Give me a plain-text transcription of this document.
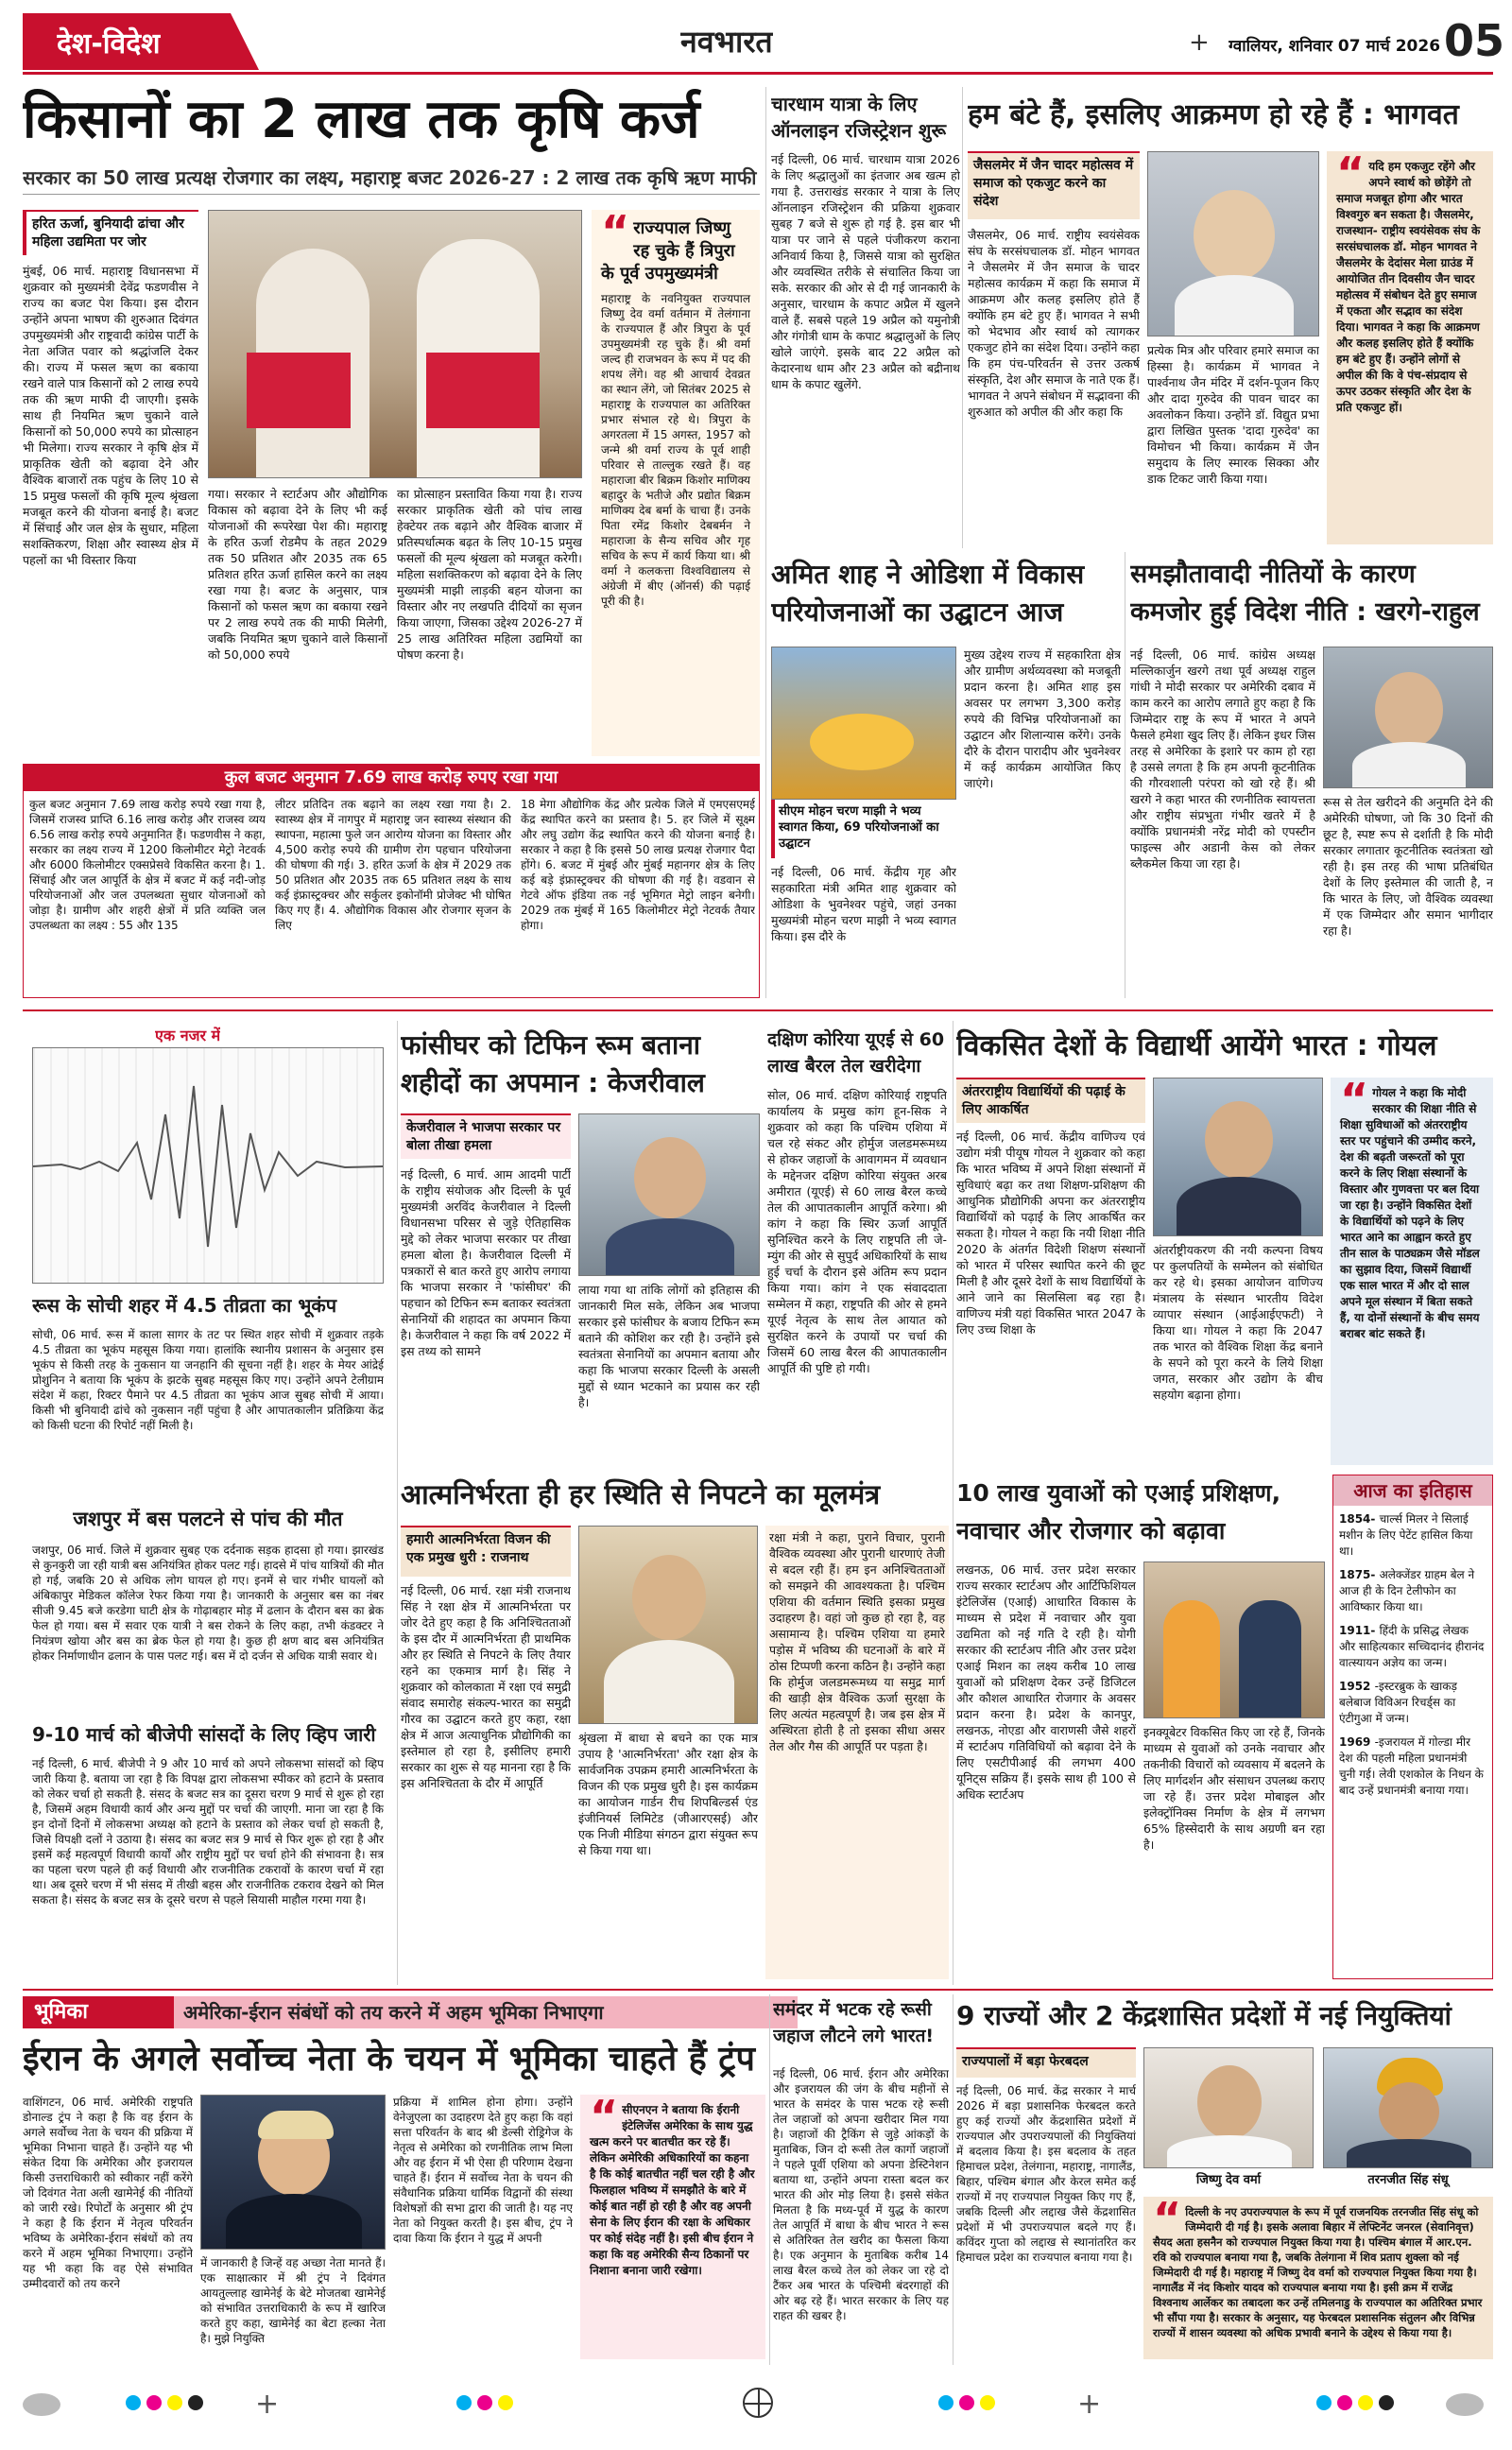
देश-विदेश	नवभारत	+ ग्वालियर, शनिवार 07 मार्च 2026 05
किसानों का 2 लाख तक कृषि कर्ज
सरकार का 50 लाख प्रत्यक्ष रोजगार का लक्ष्य, महाराष्ट्र बजट 2026-27 : 2 लाख तक कृषि ऋण माफी
हरित ऊर्जा, बुनियादी ढांचा और महिला उद्यमिता पर जोर

मुंबई, 06 मार्च. महाराष्ट्र विधानसभा में शुक्रवार को मुख्यमंत्री देवेंद्र फडणवीस ने राज्य का बजट पेश किया। इस दौरान उन्होंने अपना भाषण की शुरुआत दिवंगत उपमुख्यमंत्री और राष्ट्रवादी कांग्रेस पार्टी के नेता अजित पवार को श्रद्धांजलि देकर की। राज्य में फसल ऋण का बकाया रखने वाले पात्र किसानों को 2 लाख रुपये तक की ऋण माफी दी जाएगी। इसके साथ ही नियमित ऋण चुकाने वाले किसानों को 50,000 रुपये का प्रोत्साहन भी मिलेगा। राज्य सरकार ने कृषि क्षेत्र में प्राकृतिक खेती को बढ़ावा देने और वैश्विक बाजारों तक पहुंच के लिए 10 से 15 प्रमुख फसलों की कृषि मूल्य श्रृंखला मजबूत करने की योजना बनाई है। बजट में सिंचाई और जल क्षेत्र के सुधार, महिला सशक्तिकरण, शिक्षा और स्वास्थ्य क्षेत्र में पहलों का भी विस्तार किया

गया। सरकार ने स्टार्टअप और औद्योगिक विकास को बढ़ावा देने के लिए भी कई योजनाओं की रूपरेखा पेश की। महाराष्ट्र के हरित ऊर्जा रोडमैप के तहत 2029 तक 50 प्रतिशत और 2035 तक 65 प्रतिशत हरित ऊर्जा हासिल करने का लक्ष्य रखा गया है। बजट के अनुसार, पात्र किसानों को फसल ऋण का बकाया रखने पर 2 लाख रुपये तक की माफी मिलेगी, जबकि नियमित ऋण चुकाने वाले किसानों को 50,000 रुपये

का प्रोत्साहन प्रस्तावित किया गया है। राज्य सरकार प्राकृतिक खेती को पांच लाख हेक्टेयर तक बढ़ाने और वैश्विक बाजार में प्रतिस्पर्धात्मक बढ़त के लिए 10-15 प्रमुख फसलों की मूल्य श्रृंखला को मजबूत करेगी। महिला सशक्तिकरण को बढ़ावा देने के लिए मुख्यमंत्री माझी लाड़की बहन योजना का विस्तार और नए लखपति दीदियों का सृजन किया जाएगा, जिसका उद्देश्य 2026-27 में 25 लाख अतिरिक्त महिला उद्यमियों का पोषण करना है।

“ राज्यपाल जिष्णु रह चुके हैं त्रिपुरा के पूर्व उपमुख्यमंत्री
महाराष्ट्र के नवनियुक्त राज्यपाल जिष्णु देव वर्मा वर्तमान में तेलंगाना के राज्यपाल हैं और त्रिपुरा के पूर्व उपमुख्यमंत्री रह चुके हैं। श्री वर्मा जल्द ही राजभवन के रूप में पद की शपथ लेंगे। वह श्री आचार्य देवव्रत का स्थान लेंगे, जो सितंबर 2025 से महाराष्ट्र के राज्यपाल का अतिरिक्त प्रभार संभाल रहे थे। त्रिपुरा के अगरतला में 15 अगस्त, 1957 को जन्मे श्री वर्मा राज्य के पूर्व शाही परिवार से ताल्लुक रखते हैं। वह महाराजा बीर बिक्रम किशोर माणिक्य बहादुर के भतीजे और प्रद्योत बिक्रम माणिक्य देब बर्मा के चाचा हैं। उनके पिता रमेंद्र किशोर देबबर्मन ने महाराजा के सैन्य सचिव और गृह सचिव के रूप में कार्य किया था। श्री वर्मा ने कलकत्ता विश्वविद्यालय से अंग्रेजी में बीए (ऑनर्स) की पढ़ाई पूरी की है।
कुल बजट अनुमान 7.69 लाख करोड़ रुपए रखा गया
कुल बजट अनुमान 7.69 लाख करोड़ रुपये रखा गया है, जिसमें राजस्व प्राप्ति 6.16 लाख करोड़ और राजस्व व्यय 6.56 लाख करोड़ रुपये अनुमानित हैं। फडणवीस ने कहा, सरकार का लक्ष्य राज्य में 1200 किलोमीटर मेट्रो नेटवर्क और 6000 किलोमीटर एक्सप्रेसवे विकसित करना है। 1. सिंचाई और जल आपूर्ति के क्षेत्र में बजट में कई नदी-जोड़ परियोजनाओं और जल उपलब्धता सुधार योजनाओं को जोड़ा है। ग्रामीण और शहरी क्षेत्रों में प्रति व्यक्ति जल उपलब्धता का लक्ष्य : 55 और 135
लीटर प्रतिदिन तक बढ़ाने का लक्ष्य रखा गया है। 2. स्वास्थ्य क्षेत्र में नागपुर में महाराष्ट्र जन स्वास्थ्य संस्थान की स्थापना, महात्मा फुले जन आरोग्य योजना का विस्तार और 4,500 करोड़ रुपये की ग्रामीण रोग पहचान परियोजना की घोषणा की गई। 3. हरित ऊर्जा के क्षेत्र में 2029 तक 50 प्रतिशत और 2035 तक 65 प्रतिशत लक्ष्य के साथ कई इंफ्रास्ट्रक्चर और सर्कुलर इकोनॉमी प्रोजेक्ट भी घोषित किए गए हैं। 4. औद्योगिक विकास और रोजगार सृजन के लिए
18 मेगा औद्योगिक केंद्र और प्रत्येक जिले में एमएसएमई केंद्र स्थापित करने का प्रस्ताव है। 5. हर जिले में सूक्ष्म और लघु उद्योग केंद्र स्थापित करने की योजना बनाई है। सरकार ने कहा है कि इससे 50 लाख प्रत्यक्ष रोजगार पैदा होंगे। 6. बजट में मुंबई और मुंबई महानगर क्षेत्र के लिए कई बड़े इंफ्रास्ट्रक्चर की घोषणा की गई है। वडवान से गेटवे ऑफ इंडिया तक नई भूमिगत मेट्रो लाइन बनेगी। 2029 तक मुंबई में 165 किलोमीटर मेट्रो नेटवर्क तैयार होगा।
चारधाम यात्रा के लिए ऑनलाइन रजिस्ट्रेशन शुरू
नई दिल्ली, 06 मार्च. चारधाम यात्रा 2026 के लिए श्रद्धालुओं का इंतजार अब खत्म हो गया है. उत्तराखंड सरकार ने यात्रा के लिए ऑनलाइन रजिस्ट्रेशन की प्रक्रिया शुक्रवार सुबह 7 बजे से शुरू हो गई है. इस बार भी यात्रा पर जाने से पहले पंजीकरण कराना अनिवार्य किया है, जिससे यात्रा को सुरक्षित और व्यवस्थित तरीके से संचालित किया जा सके. सरकार की ओर से दी गई जानकारी के अनुसार, चारधाम के कपाट अप्रैल में खुलने वाले हैं. सबसे पहले 19 अप्रैल को यमुनोत्री और गंगोत्री धाम के कपाट श्रद्धालुओं के लिए खोले जाएंगे. इसके बाद 22 अप्रैल को केदारनाथ धाम और 23 अप्रैल को बद्रीनाथ धाम के कपाट खुलेंगे.
हम बंटे हैं, इसलिए आक्रमण हो रहे हैं : भागवत
जैसलमेर में जैन चादर महोत्सव में समाज को एकजुट करने का संदेश
जैसलमेर, 06 मार्च. राष्ट्रीय स्वयंसेवक संघ के सरसंघचालक डॉ. मोहन भागवत ने जैसलमेर में जैन समाज के चादर महोत्सव कार्यक्रम में कहा कि समाज में आक्रमण और कलह इसलिए होते हैं क्योंकि हम बंटे हुए हैं। भागवत ने सभी को भेदभाव और स्वार्थ को त्यागकर एकजुट होने का संदेश दिया। उन्होंने कहा कि हम पंच-परिवर्तन से उत्तर उत्कर्ष संस्कृति, देश और समाज के नाते एक हैं। भागवत ने अपने संबोधन में सद्भावना की शुरुआत को अपील की और कहा कि
प्रत्येक मित्र और परिवार हमारे समाज का हिस्सा है। कार्यक्रम में भागवत ने पार्श्वनाथ जैन मंदिर में दर्शन-पूजन किए और दादा गुरुदेव की पावन चादर का अवलोकन किया। उन्होंने डॉ. विद्युत प्रभा द्वारा लिखित पुस्तक 'दादा गुरुदेव' का विमोचन भी किया। कार्यक्रम में जैन समुदाय के लिए स्मारक सिक्का और डाक टिकट जारी किया गया।
“ यदि हम एकजुट रहेंगे और अपने स्वार्थ को छोड़ेंगे तो समाज मजबूत होगा और भारत विश्वगुरु बन सकता है। जैसलमेर, राजस्थान- राष्ट्रीय स्वयंसेवक संघ के सरसंघचालक डॉ. मोहन भागवत ने जैसलमेर के देदांसर मेला ग्राउंड में आयोजित तीन दिवसीय जैन चादर महोत्सव में संबोधन देते हुए समाज में एकता और सद्भाव का संदेश दिया। भागवत ने कहा कि आक्रमण और कलह इसलिए होते हैं क्योंकि हम बंटे हुए हैं। उन्होंने लोगों से अपील की कि वे पंच-संप्रदाय से ऊपर उठकर संस्कृति और देश के प्रति एकजुट हों।
अमित शाह ने ओडिशा में विकास परियोजनाओं का उद्घाटन आज
सीएम मोहन चरण माझी ने भव्य स्वागत किया, 69 परियोजनाओं का उद्घाटन
नई दिल्ली, 06 मार्च. केंद्रीय गृह और सहकारिता मंत्री अमित शाह शुक्रवार को ओडिशा के भुवनेश्वर पहुंचे, जहां उनका मुख्यमंत्री मोहन चरण माझी ने भव्य स्वागत किया। इस दौरे के
मुख्य उद्देश्य राज्य में सहकारिता क्षेत्र और ग्रामीण अर्थव्यवस्था को मजबूती प्रदान करना है। अमित शाह इस अवसर पर लगभग 3,300 करोड़ रुपये की विभिन्न परियोजनाओं का उद्घाटन और शिलान्यास करेंगे। उनके दौरे के दौरान पारादीप और भुवनेश्वर में कई कार्यक्रम आयोजित किए जाएंगे।
समझौतावादी नीतियों के कारण कमजोर हुई विदेश नीति : खरगे-राहुल
नई दिल्ली, 06 मार्च. कांग्रेस अध्यक्ष मल्लिकार्जुन खरगे तथा पूर्व अध्यक्ष राहुल गांधी ने मोदी सरकार पर अमेरिकी दबाव में काम करने का आरोप लगाते हुए कहा है कि जिम्मेदार राष्ट्र के रूप में भारत ने अपने फैसले हमेशा खुद लिए हैं। लेकिन इधर जिस तरह से अमेरिका के इशारे पर काम हो रहा है उससे लगता है कि हम अपनी कूटनीतिक की गौरवशाली परंपरा को खो रहे हैं। श्री खरगे ने कहा भारत की रणनीतिक स्वायत्तता और राष्ट्रीय संप्रभुता गंभीर खतरे में है क्योंकि प्रधानमंत्री नरेंद्र मोदी को एपस्टीन फाइल्स और अडानी केस को लेकर ब्लैकमेल किया जा रहा है।
रूस से तेल खरीदने की अनुमति देने की अमेरिकी घोषणा, जो कि 30 दिनों की छूट है, स्पष्ट रूप से दर्शाती है कि मोदी सरकार लगातार कूटनीतिक स्वतंत्रता खो रही है। इस तरह की भाषा प्रतिबंधित देशों के लिए इस्तेमाल की जाती है, न कि भारत के लिए, जो वैश्विक व्यवस्था में एक जिम्मेदार और समान भागीदार रहा है।
एक नजर में
रूस के सोची शहर में 4.5 तीव्रता का भूकंप
सोची, 06 मार्च. रूस में काला सागर के तट पर स्थित शहर सोची में शुक्रवार तड़के 4.5 तीव्रता का भूकंप महसूस किया गया। हालांकि स्थानीय प्रशासन के अनुसार इस भूकंप से किसी तरह के नुकसान या जनहानि की सूचना नहीं है। शहर के मेयर आंद्रेई प्रोशुनिन ने बताया कि भूकंप के झटके सुबह महसूस किए गए। उन्होंने अपने टेलीग्राम संदेश में कहा, रिक्टर पैमाने पर 4.5 तीव्रता का भूकंप आज सुबह सोची में आया। किसी भी बुनियादी ढांचे को नुकसान नहीं पहुंचा है और आपातकालीन प्रतिक्रिया केंद्र को किसी घटना की रिपोर्ट नहीं मिली है।
जशपुर में बस पलटने से पांच की मौत
जशपुर, 06 मार्च. जिले में शुक्रवार सुबह एक दर्दनाक सड़क हादसा हो गया। झारखंड से कुनकुरी जा रही यात्री बस अनियंत्रित होकर पलट गई। हादसे में पांच यात्रियों की मौत हो गई, जबकि 20 से अधिक लोग घायल हो गए। इनमें से चार गंभीर घायलों को अंबिकापुर मेडिकल कॉलेज रेफर किया गया है। जानकारी के अनुसार बस का नंबर सीजी 9.45 बजे करडेगा घाटी क्षेत्र के गोढ़ाबहार मोड़ में ढलान के दौरान बस का ब्रेक फेल हो गया। बस में सवार एक यात्री ने बस रोकने के लिए कहा, तभी कंडक्टर ने नियंत्रण खोया और बस का ब्रेक फेल हो गया है। कुछ ही क्षण बाद बस अनियंत्रित होकर निर्माणाधीन ढलान के पास पलट गई। बस में दो दर्जन से अधिक यात्री सवार थे।
9-10 मार्च को बीजेपी सांसदों के लिए व्हिप जारी
नई दिल्ली, 6 मार्च. बीजेपी ने 9 और 10 मार्च को अपने लोकसभा सांसदों को व्हिप जारी किया है. बताया जा रहा है कि विपक्ष द्वारा लोकसभा स्पीकर को हटाने के प्रस्ताव को लेकर चर्चा हो सकती है. संसद के बजट सत्र का दूसरा चरण 9 मार्च से शुरू हो रहा है, जिसमें अहम विधायी कार्य और अन्य मुद्दों पर चर्चा की जाएगी. माना जा रहा है कि इन दोनों दिनों में लोकसभा अध्यक्ष को हटाने के प्रस्ताव को लेकर चर्चा हो सकती है, जिसे विपक्षी दलों ने उठाया है। संसद का बजट सत्र 9 मार्च से फिर शुरू हो रहा है और इसमें कई महत्वपूर्ण विधायी कार्यों और राष्ट्रीय मुद्दों पर चर्चा होने की संभावना है। सत्र का पहला चरण पहले ही कई विधायी और राजनीतिक टकरावों के कारण चर्चा में रहा था। अब दूसरे चरण में भी संसद में तीखी बहस और राजनीतिक टकराव देखने को मिल सकता है। संसद के बजट सत्र के दूसरे चरण से पहले सियासी माहौल गरमा गया है।
फांसीघर को टिफिन रूम बताना शहीदों का अपमान : केजरीवाल
केजरीवाल ने भाजपा सरकार पर बोला तीखा हमला
नई दिल्ली, 6 मार्च. आम आदमी पार्टी के राष्ट्रीय संयोजक और दिल्ली के पूर्व मुख्यमंत्री अरविंद केजरीवाल ने दिल्ली विधानसभा परिसर से जुड़े ऐतिहासिक मुद्दे को लेकर भाजपा सरकार पर तीखा हमला बोला है। केजरीवाल दिल्ली में पत्रकारों से बात करते हुए आरोप लगाया कि भाजपा सरकार ने 'फांसीघर' की पहचान को टिफिन रूम बताकर स्वतंत्रता सेनानियों की शहादत का अपमान किया है। केजरीवाल ने कहा कि वर्ष 2022 में इस तथ्य को सामने
लाया गया था तांकि लोगों को इतिहास की जानकारी मिल सके, लेकिन अब भाजपा सरकार इसे फांसीघर के बजाय टिफिन रूम बताने की कोशिश कर रही है। उन्होंने इसे स्वतंत्रता सेनानियों का अपमान बताया और कहा कि भाजपा सरकार दिल्ली के असली मुद्दों से ध्यान भटकाने का प्रयास कर रही है।
दक्षिण कोरिया यूएई से 60 लाख बैरल तेल खरीदेगा
सोल, 06 मार्च. दक्षिण कोरियाई राष्ट्रपति कार्यालय के प्रमुख कांग हून-सिक ने शुक्रवार को कहा कि पश्चिम एशिया में चल रहे संकट और होर्मुज जलडमरूमध्य से होकर जहाजों के आवागमन में व्यवधान के मद्देनजर दक्षिण कोरिया संयुक्त अरब अमीरात (यूएई) से 60 लाख बैरल कच्चे तेल की आपातकालीन आपूर्ति करेगा। श्री कांग ने कहा कि स्थिर ऊर्जा आपूर्ति सुनिश्चित करने के लिए राष्ट्रपति ली जे-म्युंग की ओर से सुपुर्द अधिकारियों के साथ हुई चर्चा के दौरान इसे अंतिम रूप प्रदान किया गया। कांग ने एक संवाददाता सम्मेलन में कहा, राष्ट्रपति की ओर से हमने यूएई नेतृत्व के साथ तेल आयात को सुरक्षित करने के उपायों पर चर्चा की जिसमें 60 लाख बैरल की आपातकालीन आपूर्ति की पुष्टि हो गयी।
विकसित देशों के विद्यार्थी आयेंगे भारत : गोयल
अंतरराष्ट्रीय विद्यार्थियों की पढ़ाई के लिए आकर्षित
नई दिल्ली, 06 मार्च. केंद्रीय वाणिज्य एवं उद्योग मंत्री पीयूष गोयल ने शुक्रवार को कहा कि भारत भविष्य में अपने शिक्षा संस्थानों में सुविधाएं बढ़ा कर तथा शिक्षण-प्रशिक्षण की आधुनिक प्रौद्योगिकी अपना कर अंतरराष्ट्रीय विद्यार्थियों को पढ़ाई के लिए आकर्षित कर सकता है। गोयल ने कहा कि नयी शिक्षा नीति 2020 के अंतर्गत विदेशी शिक्षण संस्थानों को भारत में परिसर स्थापित करने की छूट मिली है और दूसरे देशों के साथ विद्यार्थियों के आने जाने का सिलसिला बढ़ रहा है। वाणिज्य मंत्री यहां विकसित भारत 2047 के लिए उच्च शिक्षा के
अंतर्राष्ट्रीयकरण की नयी कल्पना विषय पर कुलपतियों के सम्मेलन को संबोधित कर रहे थे। इसका आयोजन वाणिज्य मंत्रालय के संस्थान भारतीय विदेश व्यापार संस्थान (आईआईएफटी) ने किया था। गोयल ने कहा कि 2047 तक भारत को वैश्विक शिक्षा केंद्र बनाने के सपने को पूरा करने के लिये शिक्षा जगत, सरकार और उद्योग के बीच सहयोग बढ़ाना होगा।
“ गोयल ने कहा कि मोदी सरकार की शिक्षा नीति से शिक्षा सुविधाओं को अंतरराष्ट्रीय स्तर पर पहुंचाने की उम्मीद करने, देश की बढ़ती जरूरतों को पूरा करने के लिए शिक्षा संस्थानों के विस्तार और गुणवत्ता पर बल दिया जा रहा है। उन्होंने विकसित देशों के विद्यार्थियों को पढ़ने के लिए भारत आने का आह्वान करते हुए तीन साल के पाठ्यक्रम जैसे मॉडल का सुझाव दिया, जिसमें विद्यार्थी एक साल भारत में और दो साल अपने मूल संस्थान में बिता सकते हैं, या दोनों संस्थानों के बीच समय बराबर बांट सकते हैं।
आत्मनिर्भरता ही हर स्थिति से निपटने का मूलमंत्र
हमारी आत्मनिर्भरता विजन की एक प्रमुख धुरी : राजनाथ
नई दिल्ली, 06 मार्च. रक्षा मंत्री राजनाथ सिंह ने रक्षा क्षेत्र में आत्मनिर्भरता पर जोर देते हुए कहा है कि अनिश्चितताओं के इस दौर में आत्मनिर्भरता ही प्राथमिक और हर स्थिति से निपटने के लिए तैयार रहने का एकमात्र मार्ग है। सिंह ने शुक्रवार को कोलकाता में रक्षा एवं समुद्री संवाद समारोह संकल्प-भारत का समुद्री गौरव का उद्घाटन करते हुए कहा, रक्षा क्षेत्र में आज अत्याधुनिक प्रौद्योगिकी का इस्तेमाल हो रहा है, इसीलिए हमारी सरकार का शुरू से यह मानना रहा है कि इस अनिश्चितता के दौर में आपूर्ति
श्रृंखला में बाधा से बचने का एक मात्र उपाय है 'आत्मनिर्भरता' और रक्षा क्षेत्र के सार्वजनिक उपक्रम हमारी आत्मनिर्भरता के विजन की एक प्रमुख धुरी है। इस कार्यक्रम का आयोजन गार्डन रीच शिपबिल्डर्स एंड इंजीनियर्स लिमिटेड (जीआरएसई) और एक निजी मीडिया संगठन द्वारा संयुक्त रूप से किया गया था।
रक्षा मंत्री ने कहा, पुराने विचार, पुरानी वैश्विक व्यवस्था और पुरानी धारणाएं तेजी से बदल रही हैं। हम इन अनिश्चितताओं को समझने की आवश्यकता है। पश्चिम एशिया की वर्तमान स्थिति इसका प्रमुख उदाहरण है। वहां जो कुछ हो रहा है, वह असामान्य है। पश्चिम एशिया या हमारे पड़ोस में भविष्य की घटनाओं के बारे में ठोस टिप्पणी करना कठिन है। उन्होंने कहा कि होर्मुज जलडमरूमध्य या समुद्र मार्ग की खाड़ी क्षेत्र वैश्विक ऊर्जा सुरक्षा के लिए अत्यंत महत्वपूर्ण है। जब इस क्षेत्र में अस्थिरता होती है तो इसका सीधा असर तेल और गैस की आपूर्ति पर पड़ता है।
10 लाख युवाओं को एआई प्रशिक्षण, नवाचार और रोजगार को बढ़ावा
लखनऊ, 06 मार्च. उत्तर प्रदेश सरकार राज्य सरकार स्टार्टअप और आर्टिफिशियल इंटेलिजेंस (एआई) आधारित विकास के माध्यम से प्रदेश में नवाचार और युवा उद्यमिता को नई गति दे रही है। योगी सरकार की स्टार्टअप नीति और उत्तर प्रदेश एआई मिशन का लक्ष्य करीब 10 लाख युवाओं को प्रशिक्षण देकर उन्हें डिजिटल और कौशल आधारित रोजगार के अवसर प्रदान करना है। प्रदेश के कानपुर, लखनऊ, नोएडा और वाराणसी जैसे शहरों में स्टार्टअप गतिविधियों को बढ़ावा देने के लिए एसटीपीआई की लगभग 400 यूनिट्स सक्रिय हैं। इसके साथ ही 100 से अधिक स्टार्टअप
इनक्यूबेटर विकसित किए जा रहे हैं, जिनके माध्यम से युवाओं को उनके नवाचार और तकनीकी विचारों को व्यवसाय में बदलने के लिए मार्गदर्शन और संसाधन उपलब्ध कराए जा रहे हैं। उत्तर प्रदेश मोबाइल और इलेक्ट्रॉनिक्स निर्माण के क्षेत्र में लगभग 65% हिस्सेदारी के साथ अग्रणी बन रहा है।
आज का इतिहास
1854- चार्ल्स मिलर ने सिलाई मशीन के लिए पेटेंट हासिल किया था।
1875- अलेक्जेंडर ग्राहम बेल ने आज ही के दिन टेलीफोन का आविष्कार किया था।
1911- हिंदी के प्रसिद्ध लेखक और साहित्यकार सच्चिदानंद हीरानंद वात्स्यायन अज्ञेय का जन्म।
1952 -इस्टरब्रुक के खाकड़ बलेबाज विविअन रिचर्ड्स का एंटीगुआ में जन्म।
1969 -इजरायल में गोल्डा मीर देश की पहली महिला प्रधानमंत्री चुनी गई। लेवी एशकोल के निधन के बाद उन्हें प्रधानमंत्री बनाया गया।
भूमिका	अमेरिका-ईरान संबंधों को तय करने में अहम भूमिका निभाएगा
ईरान के अगले सर्वोच्च नेता के चयन में भूमिका चाहते हैं ट्रंप
वाशिंगटन, 06 मार्च. अमेरिकी राष्ट्रपति डोनाल्ड ट्रंप ने कहा है कि वह ईरान के अगले सर्वोच्च नेता के चयन की प्रक्रिया में भूमिका निभाना चाहते हैं। उन्होंने यह भी संकेत दिया कि अमेरिका और इजरायल किसी उत्तराधिकारी को स्वीकार नहीं करेंगे जो दिवंगत नेता अली खामेनेई की नीतियों को जारी रखे। रिपोर्टों के अनुसार श्री ट्रंप ने कहा है कि ईरान में नेतृत्व परिवर्तन भविष्य के अमेरिका-ईरान संबंधों को तय करने में अहम भूमिका निभाएगा। उन्होंने यह भी कहा कि वह ऐसे संभावित उम्मीदवारों को तय करने
में जानकारी है जिन्हें वह अच्छा नेता मानते हैं। एक साक्षात्कार में श्री ट्रंप ने दिवंगत आयतुल्लाह खामेनेई के बेटे मोजतबा खामेनेई को संभावित उत्तराधिकारी के रूप में खारिज करते हुए कहा, खामेनेई का बेटा हल्का नेता है। मुझे नियुक्ति
प्रक्रिया में शामिल होना होगा। उन्होंने वेनेजुएला का उदाहरण देते हुए कहा कि वहां सत्ता परिवर्तन के बाद श्री डेल्सी रोड्रिगेज के नेतृत्व से अमेरिका को रणनीतिक लाभ मिला और वह ईरान में भी ऐसा ही परिणाम देखना चाहते हैं। ईरान में सर्वोच्च नेता के चयन की संवैधानिक प्रक्रिया धार्मिक विद्वानों की संस्था विशेषज्ञों की सभा द्वारा की जाती है। यह नए नेता को नियुक्त करती है। इस बीच, ट्रंप ने दावा किया कि ईरान ने युद्ध में अपनी
“ सीएनएन ने बताया कि ईरानी इंटेलिजेंस अमेरिका के साथ युद्ध खत्म करने पर बातचीत कर रहे हैं। लेकिन अमेरिकी अधिकारियों का कहना है कि कोई बातचीत नहीं चल रही है और फिलहाल भविष्य में समझौते के बारे में कोई बात नहीं हो रही है और वह अपनी सेना के लिए ईरान की रक्षा के अधिकार पर कोई संदेह नहीं है। इसी बीच ईरान ने कहा कि वह अमेरिकी सैन्य ठिकानों पर निशाना बनाना जारी रखेगा।
समंदर में भटक रहे रूसी जहाज लौटने लगे भारत!
नई दिल्ली, 06 मार्च. ईरान और अमेरिका और इजरायल की जंग के बीच महीनों से भारत के समंदर के पास भटक रहे रूसी तेल जहाजों को अपना खरीदार मिल गया है। जहाजों की ट्रैकिंग से जुड़े आंकड़ों के मुताबिक, जिन दो रूसी तेल कार्गो जहाजों ने पहले पूर्वी एशिया को अपना डेस्टिनेशन बताया था, उन्होंने अपना रास्ता बदल कर भारत की ओर मोड़ लिया है। इससे संकेत मिलता है कि मध्य-पूर्व में युद्ध के कारण तेल आपूर्ति में बाधा के बीच भारत ने रूस से अतिरिक्त तेल खरीद का फैसला किया है। एक अनुमान के मुताबिक करीब 14 लाख बैरल कच्चे तेल को लेकर जा रहे दो टैंकर अब भारत के पश्चिमी बंदरगाहों की ओर बढ़ रहे हैं। भारत सरकार के लिए यह राहत की खबर है।
9 राज्यों और 2 केंद्रशासित प्रदेशों में नई नियुक्तियां
राज्यपालों में बड़ा फेरबदल
नई दिल्ली, 06 मार्च. केंद्र सरकार ने मार्च 2026 में बड़ा प्रशासनिक फेरबदल करते हुए कई राज्यों और केंद्रशासित प्रदेशों में राज्यपाल और उपराज्यपालों की नियुक्तियां में बदलाव किया है। इस बदलाव के तहत हिमाचल प्रदेश, तेलंगाना, महाराष्ट्र, नागालैंड, बिहार, पश्चिम बंगाल और केरल समेत कई राज्यों में नए राज्यपाल नियुक्त किए गए हैं, जबकि दिल्ली और लद्दाख जैसे केंद्रशासित प्रदेशों में भी उपराज्यपाल बदले गए हैं। कविंदर गुप्ता को लद्दाख से स्थानांतरित कर हिमाचल प्रदेश का राज्यपाल बनाया गया है।
जिष्णु देव वर्मा	तरनजीत सिंह संधू
“ दिल्ली के नए उपराज्यपाल के रूप में पूर्व राजनयिक तरनजीत सिंह संधू को जिम्मेदारी दी गई है। इसके अलावा बिहार में लेफ्टिनेंट जनरल (सेवानिवृत्त) सैयद अता हसनैन को राज्यपाल नियुक्त किया गया है। पश्चिम बंगाल में आर.एन. रवि को राज्यपाल बनाया गया है, जबकि तेलंगाना में शिव प्रताप शुक्ला को नई जिम्मेदारी दी गई है। महाराष्ट्र में जिष्णु देव वर्मा को राज्यपाल नियुक्त किया गया है। नागालैंड में नंद किशोर यादव को राज्यपाल बनाया गया है। इसी क्रम में राजेंद्र विश्वनाथ आर्लेकर का तबादला कर उन्हें तमिलनाडु के राज्यपाल का अतिरिक्त प्रभार भी सौंपा गया है। सरकार के अनुसार, यह फेरबदल प्रशासनिक संतुलन और विभिन्न राज्यों में शासन व्यवस्था को अधिक प्रभावी बनाने के उद्देश्य से किया गया है।
+	+
